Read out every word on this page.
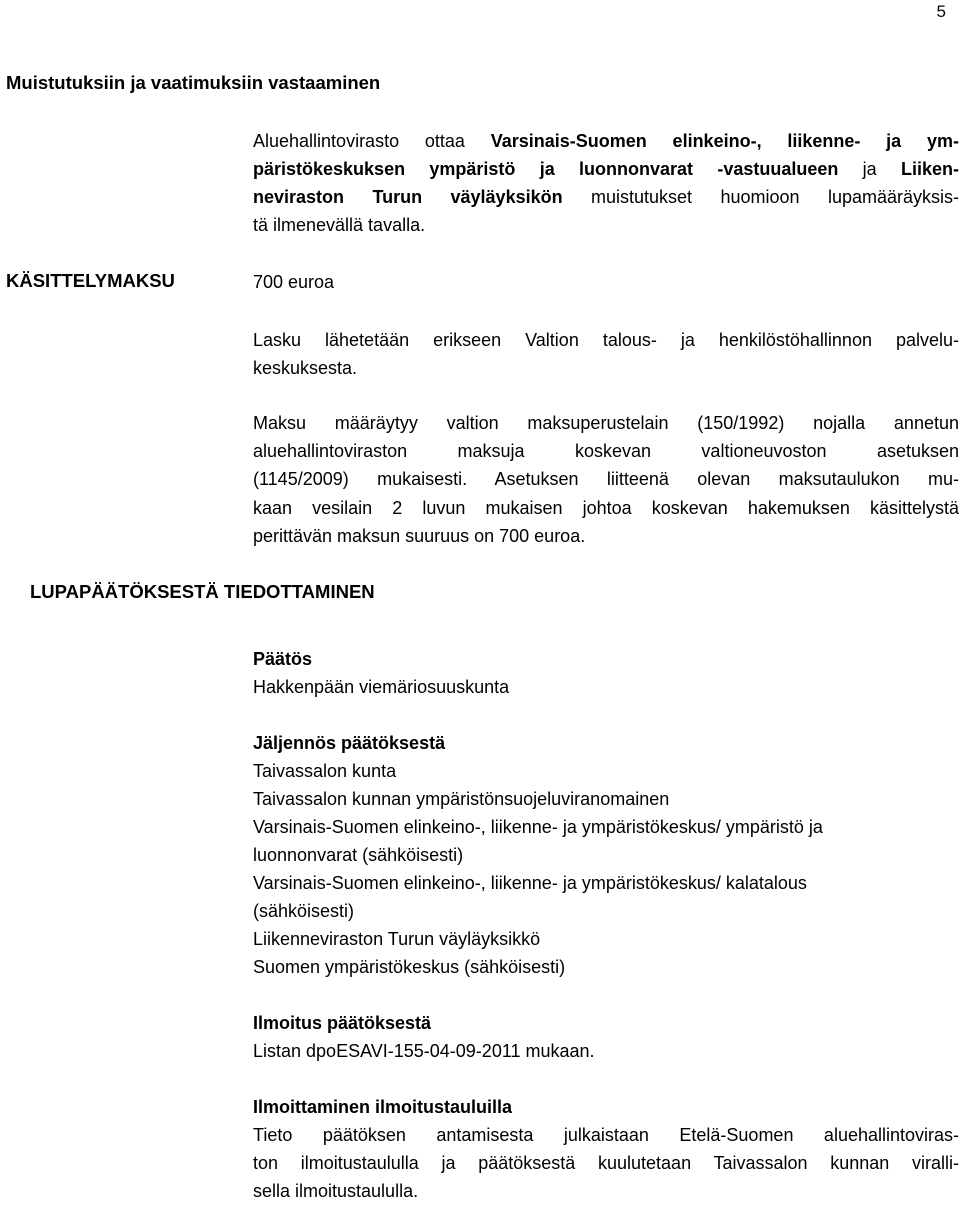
5
Muistutuksiin ja vaatimuksiin vastaaminen
Aluehallintovirasto ottaa Varsinais-Suomen elinkeino-, liikenne- ja ym-
päristökeskuksen ympäristö ja luonnonvarat -vastuualueen ja Liiken-
neviraston Turun väyläyksikön muistutukset huomioon lupamääräyksis-
tä ilmenevällä tavalla.
KÄSITTELYMAKSU	700 euroa
Lasku lähetetään erikseen Valtion talous- ja henkilöstöhallinnon palvelu-
keskuksesta.
Maksu määräytyy valtion maksuperustelain (150/1992) nojalla annetun
aluehallintoviraston maksuja koskevan valtioneuvoston asetuksen
(1145/2009) mukaisesti. Asetuksen liitteenä olevan maksutaulukon mu-
kaan vesilain 2 luvun mukaisen johtoa koskevan hakemuksen käsittelystä
perittävän maksun suuruus on 700 euroa.
LUPAPÄÄTÖKSESTÄ TIEDOTTAMINEN
Päätös
Hakkenpään viemäriosuuskunta
Jäljennös päätöksestä
Taivassalon kunta
Taivassalon kunnan ympäristönsuojeluviranomainen
Varsinais-Suomen elinkeino-, liikenne- ja ympäristökeskus/ ympäristö ja
luonnonvarat (sähköisesti)
Varsinais-Suomen elinkeino-, liikenne- ja ympäristökeskus/ kalatalous
(sähköisesti)
Liikenneviraston Turun väyläyksikkö
Suomen ympäristökeskus (sähköisesti)
Ilmoitus päätöksestä
Listan dpoESAVI-155-04-09-2011 mukaan.
Ilmoittaminen ilmoitustauluilla
Tieto päätöksen antamisesta julkaistaan Etelä-Suomen aluehallintoviras-
ton ilmoitustaululla ja päätöksestä kuulutetaan Taivassalon kunnan viralli-
sella ilmoitustaululla.
